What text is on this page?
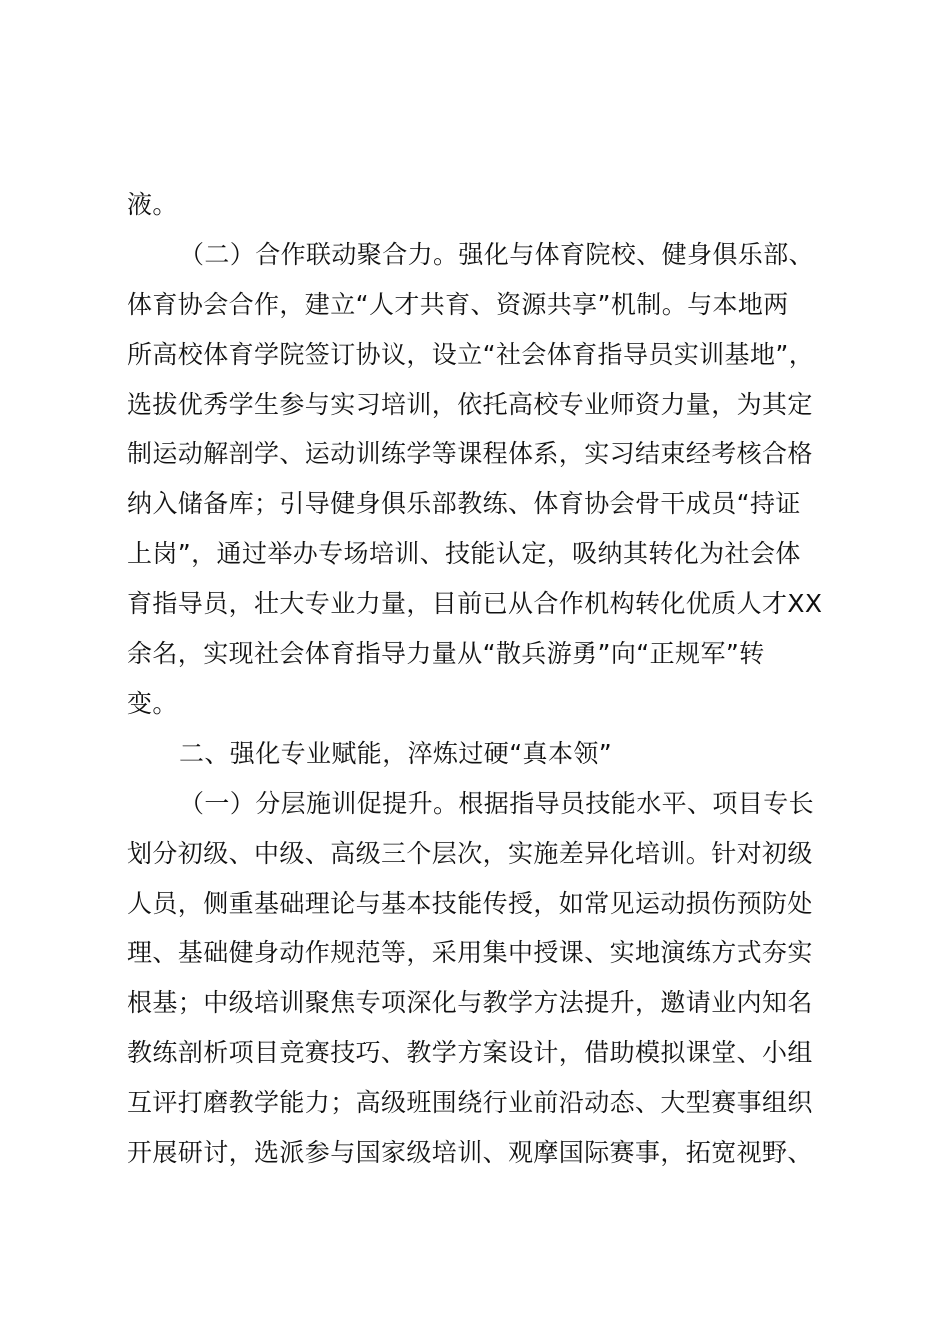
液。
（二）合作联动聚合力。强化与体育院校、健身俱乐部、
体育协会合作，建立“人才共育、资源共享”机制。与本地两
所高校体育学院签订协议，设立“社会体育指导员实训基地”，
选拔优秀学生参与实习培训，依托高校专业师资力量，为其定
制运动解剖学、运动训练学等课程体系，实习结束经考核合格
纳入储备库；引导健身俱乐部教练、体育协会骨干成员“持证
上岗”，通过举办专场培训、技能认定，吸纳其转化为社会体
育指导员，壮大专业力量，目前已从合作机构转化优质人才XX
余名，实现社会体育指导力量从“散兵游勇”向“正规军”转
变。
二、强化专业赋能，淬炼过硬“真本领”
（一）分层施训促提升。根据指导员技能水平、项目专长
划分初级、中级、高级三个层次，实施差异化培训。针对初级
人员，侧重基础理论与基本技能传授，如常见运动损伤预防处
理、基础健身动作规范等，采用集中授课、实地演练方式夯实
根基；中级培训聚焦专项深化与教学方法提升，邀请业内知名
教练剖析项目竞赛技巧、教学方案设计，借助模拟课堂、小组
互评打磨教学能力；高级班围绕行业前沿动态、大型赛事组织
开展研讨，选派参与国家级培训、观摩国际赛事，拓宽视野、
